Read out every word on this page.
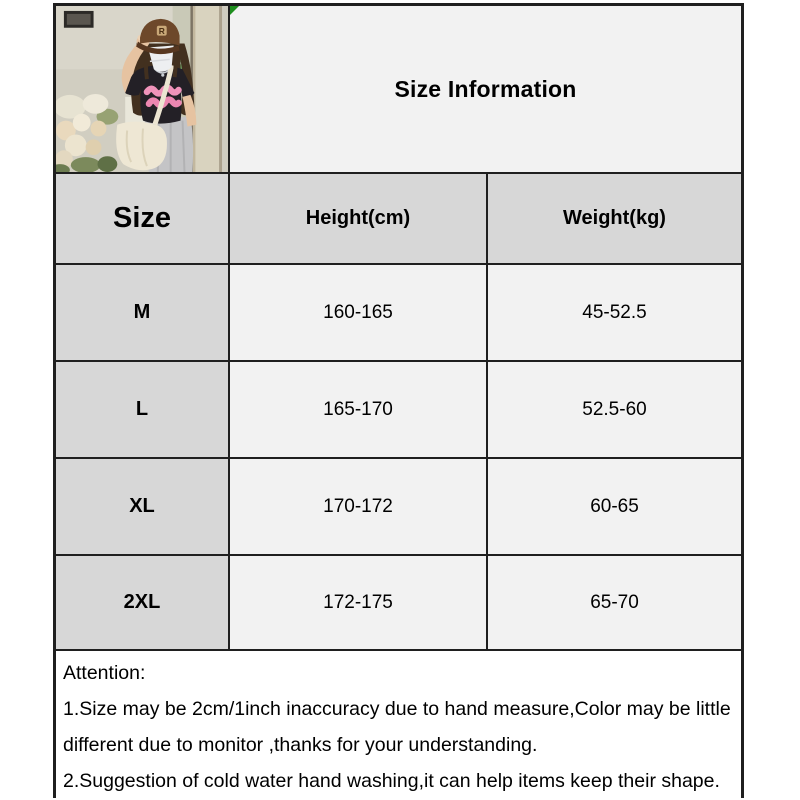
R
Size Information
Size	Height(cm)	Weight(kg)
M	160-165	45-52.5
L	165-170	52.5-60
XL	170-172	60-65
2XL	172-175	65-70
Attention:
1.Size may be 2cm/1inch inaccuracy due to hand measure,Color may be little
different due to monitor ,thanks for your understanding.
2.Suggestion of cold water hand washing,it can help items keep their shape.
